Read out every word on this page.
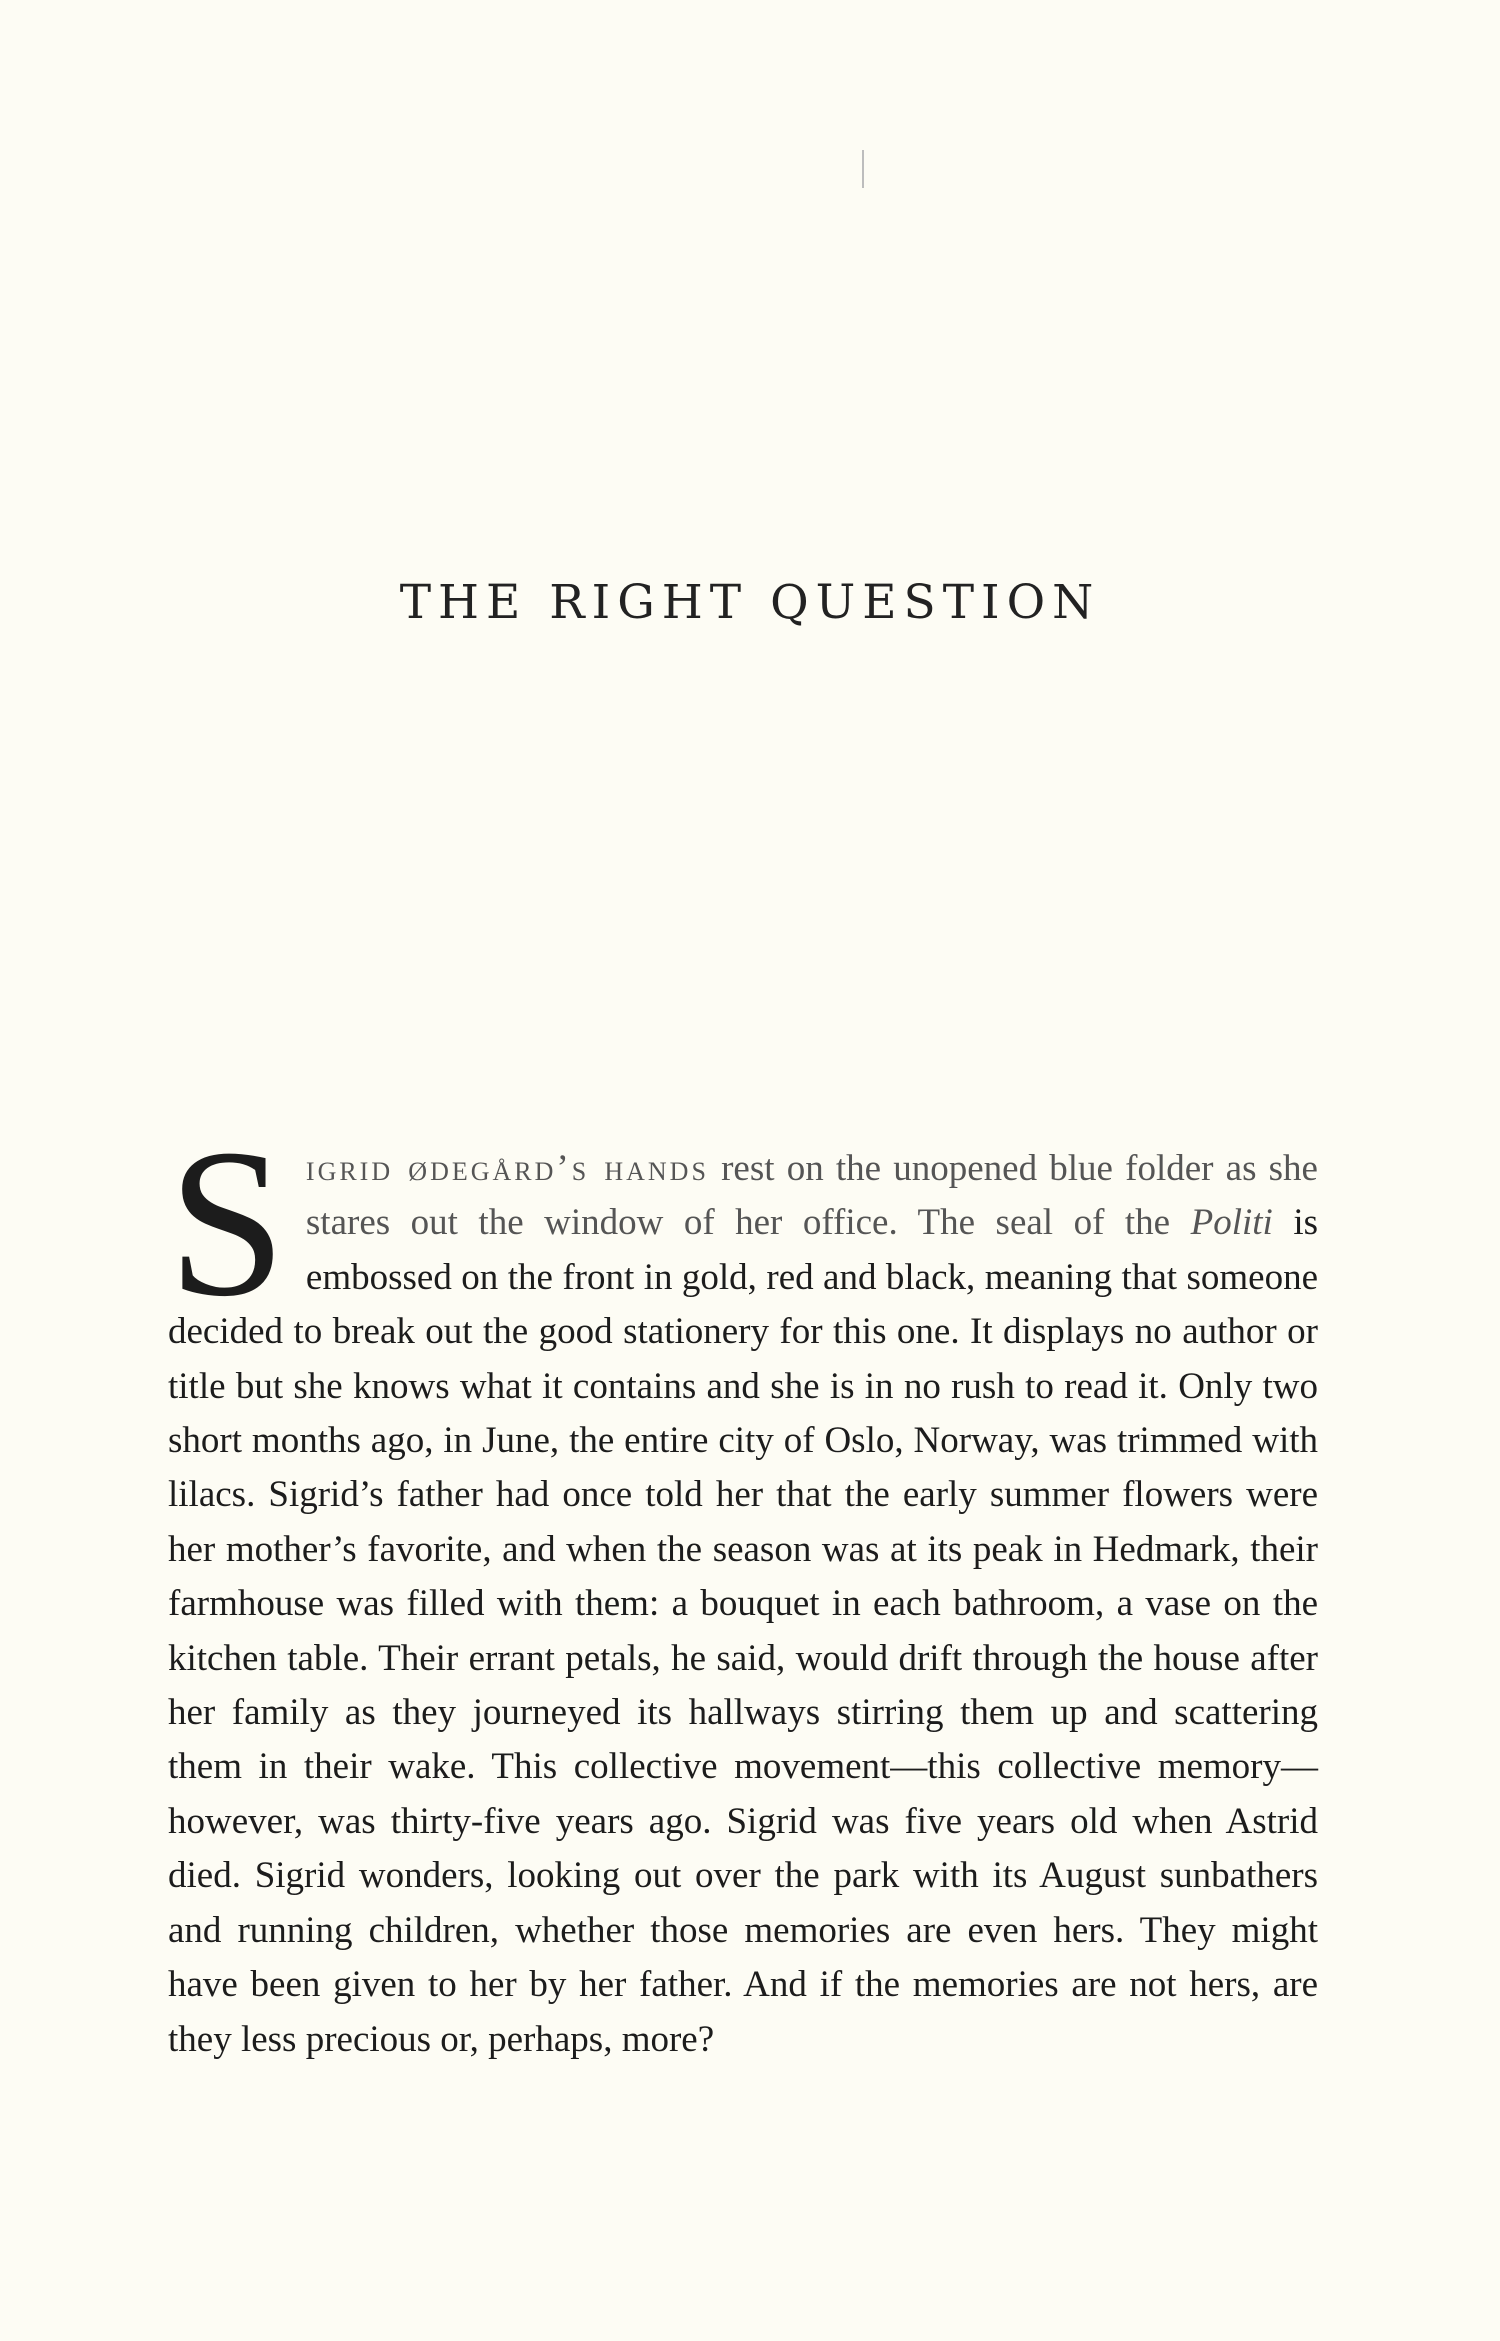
THE RIGHT QUESTION

Sigrid ødegård’s hands rest on the unopened blue folder as she stares out the window of her office. The seal of the Politi is embossed on the front in gold, red and black, meaning that someone decided to break out the good stationery for this one. It displays no author or title but she knows what it contains and she is in no rush to read it. Only two short months ago, in June, the entire city of Oslo, Norway, was trimmed with lilacs. Sigrid’s father had once told her that the early summer flowers were her mother’s favorite, and when the season was at its peak in Hedmark, their farmhouse was filled with them: a bouquet in each bathroom, a vase on the kitchen table. Their errant petals, he said, would drift through the house after her family as they journeyed its hallways stirring them up and scattering them in their wake. This collective movement—this collective memory—however, was thirty-five years ago. Sigrid was five years old when Astrid died. Sigrid wonders, looking out over the park with its August sunbathers and running children, whether those memories are even hers. They might have been given to her by her father. And if the memories are not hers, are they less precious or, perhaps, more?
